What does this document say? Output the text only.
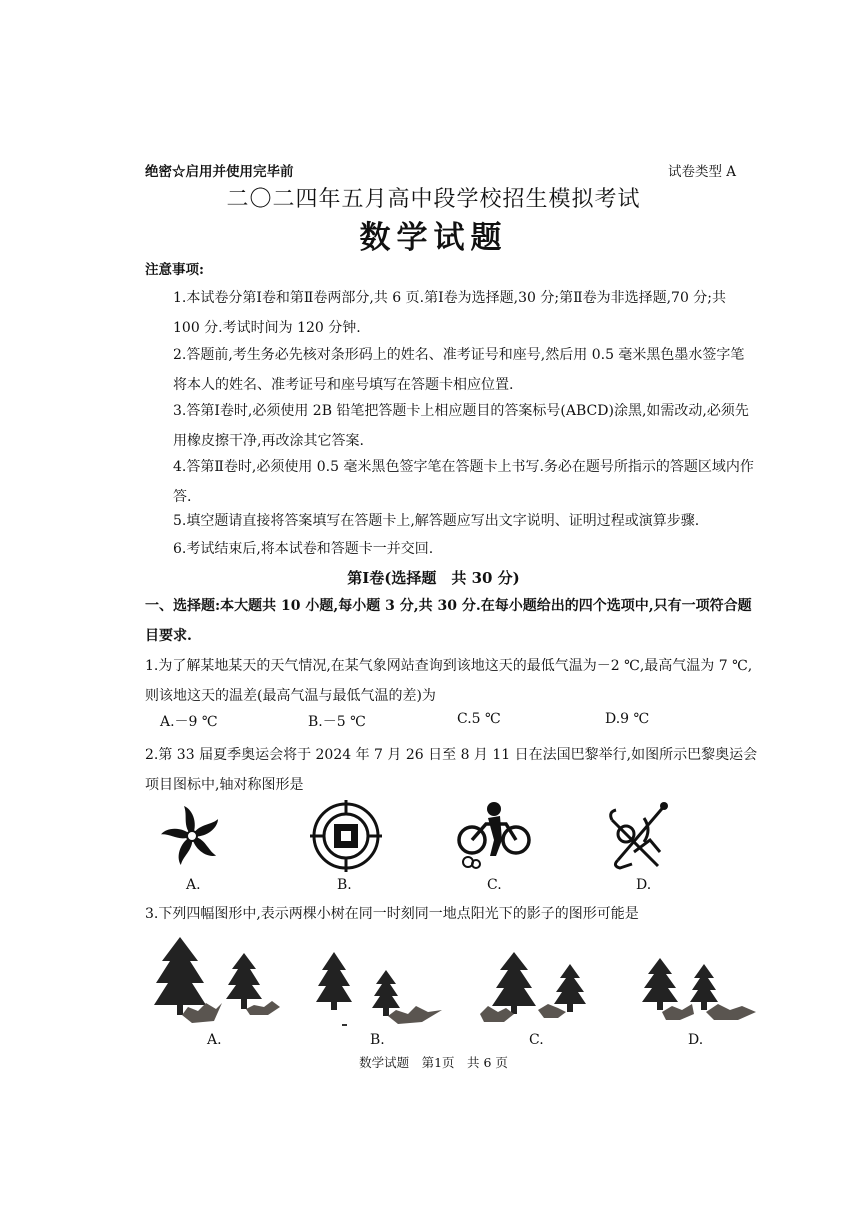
绝密☆启用并使用完毕前	试卷类型 A
二〇二四年五月高中段学校招生模拟考试
数学试题
注意事项:
1.本试卷分第Ⅰ卷和第Ⅱ卷两部分,共 6 页.第Ⅰ卷为选择题,30 分;第Ⅱ卷为非选择题,70 分;共 100 分.考试时间为 120 分钟.
2.答题前,考生务必先核对条形码上的姓名、准考证号和座号,然后用 0.5 毫米黑色墨水签字笔将本人的姓名、准考证号和座号填写在答题卡相应位置.
3.答第Ⅰ卷时,必须使用 2B 铅笔把答题卡上相应题目的答案标号(ABCD)涂黑,如需改动,必须先用橡皮擦干净,再改涂其它答案.
4.答第Ⅱ卷时,必须使用 0.5 毫米黑色签字笔在答题卡上书写.务必在题号所指示的答题区域内作答.
5.填空题请直接将答案填写在答题卡上,解答题应写出文字说明、证明过程或演算步骤.
6.考试结束后,将本试卷和答题卡一并交回.
第Ⅰ卷(选择题　共 30 分)
一、选择题:本大题共 10 小题,每小题 3 分,共 30 分.在每小题给出的四个选项中,只有一项符合题目要求.
1.为了解某地某天的天气情况,在某气象网站查询到该地这天的最低气温为－2 ℃,最高气温为 7 ℃,则该地这天的温差(最高气温与最低气温的差)为
A.－9 ℃	B.－5 ℃	C.5 ℃	D.9 ℃
2.第 33 届夏季奥运会将于 2024 年 7 月 26 日至 8 月 11 日在法国巴黎举行,如图所示巴黎奥运会项目图标中,轴对称图形是
A.	B.	C.	D.
3.下列四幅图形中,表示两棵小树在同一时刻同一地点阳光下的影子的图形可能是
A.	B.	C.	D.
数学试题　第1页　共 6 页
